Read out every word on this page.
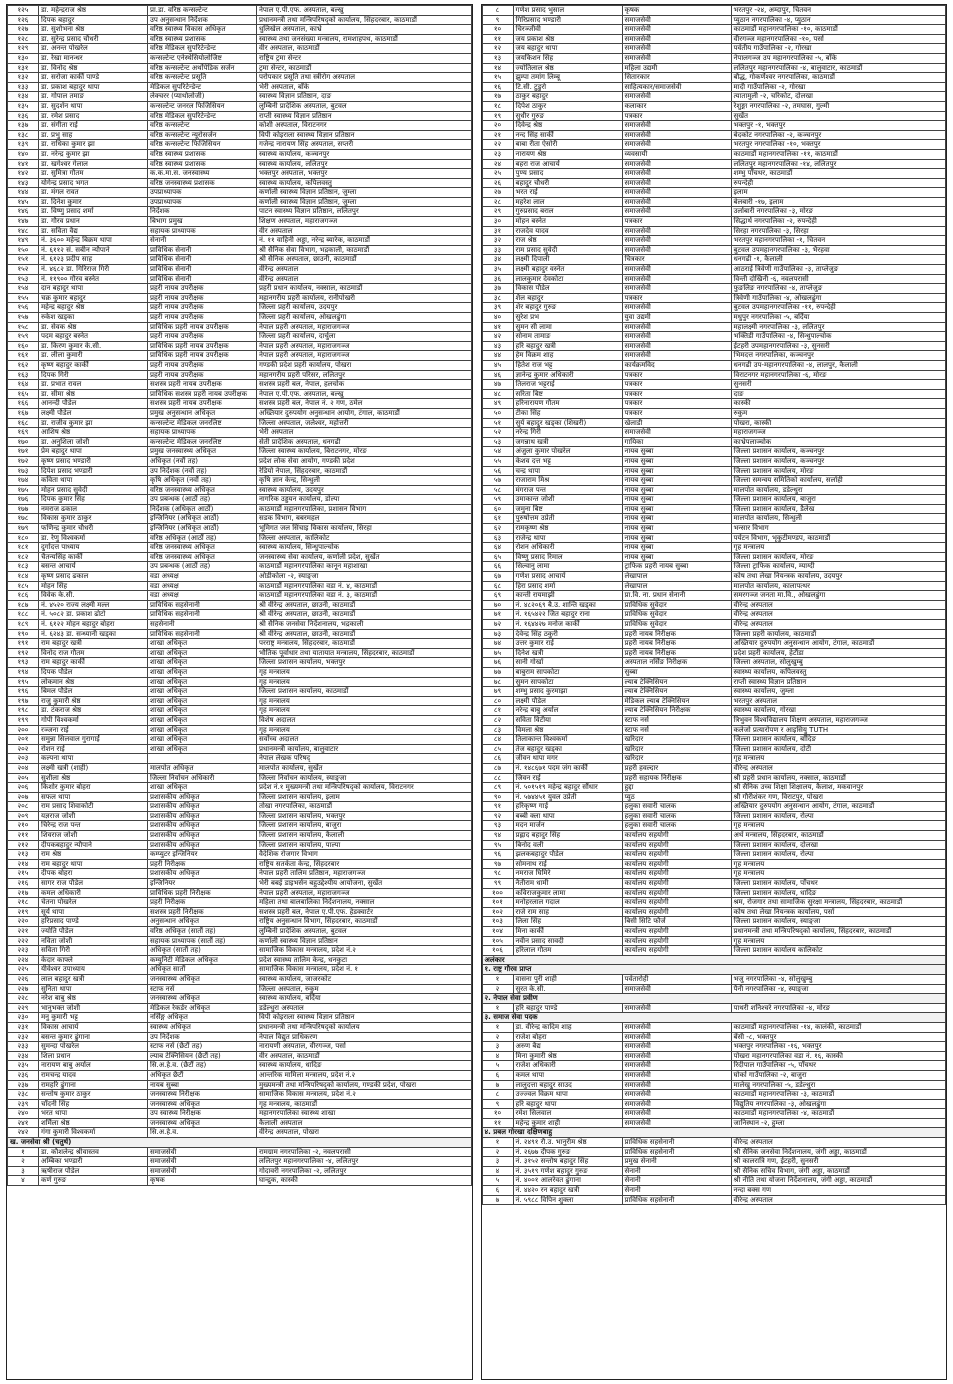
१२५	डा. महेन्द्रराज श्रेष्ठ	प्रा.डा. वरिष्ठ कन्सल्टेन्ट	नेपाल ए.पी.एफ. अस्पताल, बल्खु
१२६	दिपक बहादुर	उप अनुसन्धान निर्देशक	प्रधानमन्त्री तथा मन्त्रिपरिषद्को कार्यालय, सिंहदरबार, काठमाडौं
१२७	डा. सुशोभना श्रेष्ठ	वरिष्ठ स्वास्थ्य विकास अधिकृत	धुलिखेल अस्पताल, काभ्रे
१२८	डा. सुरेन्द्र प्रसाद चौधरी	वरिष्ठ स्वास्थ्य प्रशासक	स्वास्थ्य तथा जनसंख्या मन्त्रालय, रामशाहपथ, काठमाडौं
१२९	डा. अनन्त पोखरेल	वरिष्ठ मेडिकल सुपरिटेन्डेन्ट	वीर अस्पताल, काठमाडौं
१३०	डा. रेखा मानन्धर	कन्सल्टेन्ट एनेस्थेसियोलोजिष्ट	राष्ट्रिय ट्रमा सेन्टर
१३१	डा. विनोद श्रेष्ठ	वरिष्ठ कन्सल्टेन्ट अर्थोपेडिक सर्जन	ट्रमा सेन्टर, काठमाडौं
१३२	डा. सरोजा कार्की पाण्डे	वरिष्ठ कन्सल्टेन्ट प्रसूति	परोपकार प्रसूति तथा स्त्रीरोग अस्पताल
१३३	डा. प्रकाश बहादुर थापा	मेडिकल सुपरिटेन्डेन्ट	भेरी अस्पताल, बाँके
१३४	डा. गोपाल तमाङ	लेक्चरर (प्याथोलोजी)	स्वास्थ्य विज्ञान प्रतिष्ठान, दाङ
१३५	डा. सुदर्शन थापा	कन्सल्टेन्ट जनरल फिजिसियन	लुम्बिनी प्रादेशिक अस्पताल, बुटवल
१३६	डा. रमेश प्रसाद	वरिष्ठ मेडिकल सुपरिटेन्डेन्ट	राप्ती स्वास्थ्य विज्ञान प्रतिष्ठान
१३७	डा. संगीता राई	वरिष्ठ कन्सल्टेन्ट	कोशी अस्पताल, विराटनगर
१३८	डा. प्रभु साह	वरिष्ठ कन्सल्टेन्ट न्यूरोसर्जन	विपी कोइराला स्वास्थ्य विज्ञान प्रतिष्ठान
१३९	डा. राधिका कुमार झा	वरिष्ठ कन्सल्टेन्ट फिजिसियन	गजेन्द्र नारायण सिंह अस्पताल, सप्तरी
१४०	डा. नरेन्द्र कुमार झा	वरिष्ठ स्वास्थ्य प्रशासक	स्वास्थ्य कार्यालय, कञ्चनपुर
१४१	डा. खगेश्वर गेलाल	वरिष्ठ स्वास्थ्य प्रशासक	स्वास्थ्य कार्यालय, ललितपुर
१४२	डा. सुमित्रा गौतम	क.क.मा.स. जनस्वास्थ्य	भक्तपुर अस्पताल, भक्तपुर
१४३	योगेन्द्र प्रसाद भगत	वरिष्ठ जनस्वास्थ्य प्रशासक	स्वास्थ्य कार्यालय, कपिलवस्तु
१४४	डा. मंगल रावत	उपप्राध्यापक	कर्णाली स्वास्थ्य विज्ञान प्रतिष्ठान, जुम्ला
१४५	डा. दिनेश कुमार	उपप्राध्यापक	कर्णाली स्वास्थ्य विज्ञान प्रतिष्ठान, जुम्ला
१४६	डा. विष्णु प्रसाद शर्मा	निर्देशक	पाटन स्वास्थ्य विज्ञान प्रतिष्ठान, ललितपुर
१४७	डा. गौरव प्रधान	बिभाग प्रमुख	शिक्षण अस्पताल, महाराजगञ्ज
१४८	डा. सविता वैद्य	सहायक प्राध्यापक	वीर अस्पताल
१४९	नं. ३६०० महेन्द्र बिक्रम थापा	सेनानी	नं. ११ वाहिनी अड्डा, नरेन्द्र ब्यारेक, काठमाडौं
१५०	नं. ६११२ सं. सबीन न्यौपाने	प्राविधिक सेनानी	श्री सैनिक सेवा विभाग, भद्रकाली, काठमाडौं
१५१	नं. ६१२३ प्रदीप साह	प्राविधिक सेनानी	श्री सैनिक अस्पताल, छाउनी, काठमाडौं
१५२	नं. ४६८२ डा. गिरिराज गिरी	प्राविधिक सेनानी	वीरेन्द्र अस्पताल
१५३	नं. ११९०० गौरव बस्नेत	प्राविधिक सेनानी	वीरेन्द्र अस्पताल
१५४	दान बहादुर थापा	प्रहरी नायब उपरीक्षक	प्रहरी प्रधान कार्यालय, नक्साल, काठमाडौं
१५५	चक्र कुमार बहादुर	प्रहरी नायब उपरीक्षक	महानगरीय प्रहरी कार्यालय, रानीपोखरी
१५६	महेन्द्र बहादुर श्रेष्ठ	प्रहरी नायब उपरीक्षक	जिल्ला प्रहरी कार्यालय, उदयपुर
१५७	रुकेश खड्का	प्रहरी नायब उपरीक्षक	जिल्ला प्रहरी कार्यालय, ओखलढुंगा
१५८	डा. सेवक श्रेष्ठ	प्राविधिक प्रहरी नायब उपरीक्षक	नेपाल प्रहरी अस्पताल, महाराजगञ्ज
१५९	पदम बहादुर बस्नेत	प्रहरी नायब उपरीक्षक	जिल्ला प्रहरी कार्यालय, दार्चुला
१६०	डा. किरण कुमार के.सी.	प्राविधिक प्रहरी नायब उपरीक्षक	नेपाल प्रहरी अस्पताल, महाराजगञ्ज
१६१	डा. लीला कुमारी	प्राविधिक प्रहरी नायब उपरीक्षक	नेपाल प्रहरी अस्पताल, महाराजगञ्ज
१६२	कृष्ण बहादुर कार्की	प्रहरी नायब उपरीक्षक	गण्डकी प्रदेश प्रहरी कार्यालय, पोखरा
१६३	दिपक गिरी	प्रहरी नायब उपरीक्षक	महानगरीय प्रहरी परिसर, ललितपुर
१६४	डा. प्रभात रावल	सशस्त्र प्रहरी नायब उपरीक्षक	सशस्त्र प्रहरी बल, नेपाल, हलचोक
१६५	डा. सीमा श्रेष्ठ	प्राविधिक सशस्त्र प्रहरी नायब उपरीक्षक	नेपाल ए.पी.एफ. अस्पताल, बल्खु
१६६	आनन्दी पौडेल	सशस्त्र प्रहरी नायब उपरीक्षक	सशस्त्र प्रहरी बल, नेपाल नं. २ गण, ठमेल
१६७	लक्ष्मी पौडेल	प्रमुख अनुसन्धान अधिकृत	अख्तियार दुरुपयोग अनुसन्धान आयोग, टंगाल, काठमाडौं
१६८	डा. राजीव कुमार झा	कन्सल्टेन्ट मेडिकल जनरलिष्ट	जिल्ला अस्पताल, जलेश्वर, महोत्तरी
१६९	आशिष श्रेष्ठ	सहायक प्राध्यापक	भेरी अस्पताल
१७०	डा. अनुशिला जोशी	कन्सल्टेन्ट मेडिकल जनरलिष्ट	सेती प्रादेशिक अस्पताल, धनगढी
१७१	प्रेम बहादुर थापा	प्रमुख जनस्वास्थ्य अधिकृत	जिल्ला स्वास्थ्य कार्यालय, बिराटनगर, मोरङ
१७२	कृष्ण प्रसाद भण्डारी	अधिकृत (नवौं तह)	प्रदेश लोक सेवा आयोग, गण्डकी प्रदेश
१७३	दिपेश प्रसाद भण्डारी	उप निर्देशक (नवौं तह)	रेडियो नेपाल, सिंहदरबार, काठमाडौं
१७४	कविता थापा	कृषि अधिकृत (नवौं तह)	कृषि ज्ञान केन्द्र, सिन्धुली
१७५	मोहन प्रसाद सुवेदी	वरिष्ठ जनस्वास्थ्य अधिकृत	स्वास्थ्य कार्यालय, उदयपुर
१७६	दिपक कुमार सिंह	उप प्रबन्धक (आठौं तह)	नागरिक उड्डयन कार्यालय, डोल्पा
१७७	नमराज ढकाल	निर्देशक (अधिकृत आठौं)	काठमाडौं महानगरपालिका, प्रशासन विभाग
१७८	विकास कुमार ठाकुर	इन्जिनियर (अधिकृत आठौं)	सडक विभाग, बबरमहल
१७९	फणिन्द्र कुमार चौधरी	इन्जिनियर (अधिकृत आठौं)	भूमिगत जल सिंचाइ विकास कार्यालय, सिरहा
१८०	डा. रेणु विश्वकर्मा	वरिष्ठ अधिकृत (आठौं तह)	जिल्ला अस्पताल, कालिकोट
१८१	दुर्गादत्त पाध्याय	वरिष्ठ जनस्वास्थ्य अधिकृत	स्वास्थ्य कार्यालय, सिन्धुपाल्चोक
१८२	चैतन्यसिंह कार्की	वरिष्ठ जनस्वास्थ्य अधिकृत	जनस्वास्थ्य सेवा कार्यालय, कर्णाली प्रदेश, सुर्खेत
१८३	बसन्त आचार्य	उप प्रबन्धक (आठौं तह)	काठमाडौं महानगरपालिका कानून महाशाखा
१८४	कृष्ण प्रसाद ढकाल	वडा अध्यक्ष	ओडीकोला -२, स्याङ्जा
१८५	मोहन सिंह	वडा अध्यक्ष	काठमाडौं महानगरपालिका वडा नं. ४, काठमाडौं
१८६	विवेक के.सी.	वडा अध्यक्ष	काठमाडौं महानगरपालिका वडा नं. ३, काठमाडौं
१८७	नं. ४५२० राज्य लक्ष्मी मल्ल	प्राविधिक सहसेनानी	श्री वीरेन्द्र अस्पताल, छाउनी, काठमाडौं
१८८	नं. ५०८२ डा. प्रकाश ढोटो	प्राविधिक सहसेनानी	श्री वीरेन्द्र अस्पताल, छाउनी, काठमाडौं
१८९	नं. ६१२२ मोहन बहादुर बोहरा	सहसेनानी	श्री सैनिक जनसेवा निर्देशनालय, भद्रकाली
१९०	नं. ६२४३ डा. सन्ध्यानी खड्का	प्राविधिक सहसेनानी	श्री वीरेन्द्र अस्पताल, छाउनी, काठमाडौं
१९१	राम बहादुर खत्री	शाखा अधिकृत	परराष्ट्र मन्त्रालय, सिंहदरबार, काठमाडौं
१९२	विनोद राज गौतम	शाखा अधिकृत	भौतिक पूर्वाधार तथा यातायात मन्त्रालय, सिंहदरबार, काठमाडौं
१९३	राम बहादुर कार्की	शाखा अधिकृत	जिल्ला प्रशासन कार्यालय, भक्तपुर
१९४	दिपक पौडेल	शाखा अधिकृत	गृह मन्त्रालय
१९५	लोकमान श्रेष्ठ	शाखा अधिकृत	गृह मन्त्रालय
१९६	बिमल पौडेल	शाखा अधिकृत	जिल्ला प्रशासन कार्यालय, काठमाडौं
१९७	राजु कुमारी श्रेष्ठ	शाखा अधिकृत	गृह मन्त्रालय
१९८	डा. टंकराज श्रेष्ठ	शाखा अधिकृत	गृह मन्त्रालय
१९९	गोपी विश्वकर्मा	शाखा अधिकृत	विशेष अदालत
२००	रञ्जना राई	शाखा अधिकृत	गृह मन्त्रालय
२०१	समुन्ना सिलवाल गुरागाईं	शाखा अधिकृत	सर्वोच्च अदालत
२०२	रोशन राई	शाखा अधिकृत	प्रधानमन्त्री कार्यालय, बालुवाटार
२०३	कल्पना थापा		नेपाल लेखक परिषद्
२०४	लक्ष्मी खत्री (शाही)	मालपोत अधिकृत	मालपोत कार्यालय, सुर्खेत
२०५	सुशीला श्रेष्ठ	जिल्ला निर्वाचन अधिकारी	जिल्ला निर्वाचन कार्यालय, स्याङ्जा
२०६	किशोर कुमार बोहरा	शाखा अधिकृत	प्रदेश नं.१ मुख्यमन्त्री तथा मन्त्रिपरिषद्को कार्यालय, विराटनगर
२०७	सफल थापा	प्रशासकीय अधिकृत	जिल्ला प्रशासन कार्यालय, इलाम
२०८	राम प्रसाद शिवाकोटी	प्रशासकीय अधिकृत	तोखा नगरपालिका, काठमाडौं
२०९	यज्ञराज जोशी	प्रशासकीय अधिकृत	जिल्ला प्रशासन कार्यालय, भक्तपुर
२१०	चिरेन्द्र राज पन्त	प्रशासकीय अधिकृत	जिल्ला प्रशासन कार्यालय, बाजुरा
२११	शिवराज जोशी	प्रशासकीय अधिकृत	जिल्ला प्रशासन कार्यालय, कैलाली
२१२	दीपकबहादुर न्यौपाने	प्रशासकीय अधिकृत	जिल्ला प्रशासन कार्यालय, पाल्पा
२१३	राम श्रेष्ठ	कम्प्युटर इन्जिनियर	वैदेशिक रोजगार विभाग
२१४	राम बहादुर थापा	प्रहरी निरीक्षक	राष्ट्रिय सतर्कता केन्द्र, सिंहदरबार
२१५	दीपक बोहरा	प्रशासकीय अधिकृत	नेपाल प्रहरी तालिम प्रतिष्ठान, महाराजगञ्ज
२१६	सागर राज पौडेल	इन्जिनियर	भेरी बबई डाइभर्सन बहुउद्देश्यीय आयोजना, सुर्खेत
२१७	कमल अधिकारी	प्राविधिक प्रहरी निरीक्षक	नेपाल प्रहरी अस्पताल, महाराजगञ्ज
२१८	चेतना पोखरेल	प्रहरी निरीक्षक	महिला तथा बालबालिका निर्देशनालय, नक्साल
२१९	सूर्य थापा	सशस्त्र प्रहरी निरीक्षक	सशस्त्र प्रहरी बल, नेपाल ए.पी.एफ. हेडक्वार्टर
२२०	हरिप्रसाद पाण्डे	अनुसन्धान अधिकृत	राष्ट्रिय अनुसन्धान विभाग, सिंहदरबार, काठमाडौं
२२१	ज्योति पौडेल	वरिष्ठ अधिकृत (सातौं तह)	लुम्बिनी प्रादेशिक अस्पताल, बुटवल
२२२	नविता जोशी	सहायक प्राध्यापक (सातौं तह)	कर्णाली स्वास्थ्य विज्ञान प्रतिष्ठान
२२३	सविता गिरी	अधिकृत (सातौं तह)	सामाजिक विकास मन्त्रालय, प्रदेश नं.२
२२४	केदार काफ्ले	कम्युनिटी मेडिकल अधिकृत	प्रदेश स्वास्थ्य तालिम केन्द्र, धनकुटा
२२५	यीवेश्वर उपाध्याय	अधिकृत सातौं	सामाजिक विकास मन्त्रालय, प्रदेश नं. १
२२६	लाल बहादुर खत्री	जनस्वास्थ्य अधिकृत	स्वास्थ्य कार्यालय, जाजरकोट
२२७	सुनिता थापा	स्टाफ नर्स	जिल्ला अस्पताल, रुकुम
२२८	नरेश बाबु श्रेष्ठ	जनस्वास्थ्य अधिकृत	स्वास्थ्य कार्यालय, बर्दिया
२२९	भानुभक्त जोशी	मेडिकल रेकर्डर अधिकृत	डडेल्धुरा अस्पताल
२३०	मनु कुमारी भट्ट	नर्सिङ्ग अधिकृत	विपी कोइराला स्वास्थ्य विज्ञान प्रतिष्ठान
२३१	विकास आचार्य	स्वास्थ्य अधिकृत	प्रधानमन्त्री तथा मन्त्रिपरिषद्को कार्यालय
२३२	बसन्त कुमार ढुंगाना	उप निर्देशक	नेपाल विद्युत प्राधिकरण
२३३	सुमन्दा पोखरेल	स्टाफ नर्स (छैटौं तह)	नारायणी अस्पताल, वीरगञ्ज, पर्सा
२३४	शिला प्रधान	ल्याब टेक्निसियन (छैटौं तह)	वीर अस्पताल, काठमाडौं
२३५	नारायण बाबु अर्याल	सि.अ.हे.व. (छैटौं तह)	स्वास्थ्य कार्यालय, धादिङ
२३६	रामचन्द्र यादव	अधिकृत छैटौं	आन्तरिक मामिला मन्त्रालय, प्रदेश नं.२
२३७	रामहरि ढुंगाना	नायब सुब्बा	मुख्यमन्त्री तथा मन्त्रिपरिषद्को कार्यालय, गण्डकी प्रदेश, पोखरा
२३८	सन्तोष कुमार ठाकुर	जनस्वास्थ्य निरीक्षक	सामाजिक विकास मन्त्रालय, प्रदेश नं.२
२३९	चाँदनी सिंह	जनस्वास्थ्य अधिकृत	गृह मन्त्रालय, काठमाडौं
२४०	भरत थापा	उप स्वास्थ्य निरीक्षक	महानगरपालिका स्वास्थ्य शाखा
२४१	शर्मिला श्रेष्ठ	जनस्वास्थ्य अधिकृत	कैलाली अस्पताल
२४२	गंगा कुमारी विश्वकर्मा	सि.अ.हे.व.	वीरेन्द्र अस्पताल, पोखरा
ख. जनसेवा श्री (चतुर्थ)			
१	डा. कौशलेन्द्र श्रीवास्तव	समाजसेवी	रामग्राम नगरपालिका -२, नवलपरासी
२	अम्बिका भण्डारी	समाजसेवी	ललितपुर महानगरपालिका -४, ललितपुर
३	ऋषीराज पौडेल	समाजसेवी	गोदावरी नगरपालिका -२, ललितपुर
४	कर्ण गुरुङ	कृषक	घान्द्रुक, कास्की
८	गणेश प्रसाद भुसाल	कृषक	भरतपुर -२४, अम्दापुर, चितवन
९	गिरिप्रसाद भण्डारी	समाजसेवी	प्युठान नगरपालिका -४, प्युठान
१०	चिरञ्जीवी	समाजसेवी	काठमाडौं महानगरपालिका -१०, काठमाडौं
११	जय प्रकाश श्रेष्ठ	समाजसेवी	वीरगञ्ज महानगरपालिका -१०, पर्सा
१२	जय बहादुर थापा	समाजसेवी	पर्वतीय गाउँपालिका -२, गोरखा
१३	जयकिशन सिंह	समाजसेवी	नेपालगञ्ज उप महानगरपालिका -५, बाँके
१४	ज्योतिलाल श्रेष्ठ	महिला उद्यमी	ललितपुर महानगरपालिका -४, बालुवाटार, काठमाडौं
१५	झुम्पा तमांग लिम्बू	सितारकार	बौद्ध, गोकर्णेश्वर नगरपालिका, काठमाडौं
१६	टि.सी. टुडुरो	साहित्यकार/समाजसेवी	मादी गाउँपालिका -२, गोरखा
१७	ठाकुर बहादुर	समाजसेवी	त्यातामुली -२, चरिकोट, दोलखा
१८	दिपेश ठाकुर	कलाकार	रेशुङ्गा नगरपालिका -२, तमघास, गुल्मी
१९	सुधीर गुरुङ	पत्रकार	सुर्खेत
२०	दिवेन्द्र श्रेष्ठ	समाजसेवी	भक्तपुर -१, भक्तपुर
२१	नन्द सिंह सार्की	समाजसेवी	बेदकोट नगरपालिका -२, कञ्चनपुर
२२	बाबा रीता ऐसोरी	समाजसेवी	भरतपुर नगरपालिका -१०, भक्तपुर
२३	नारायण श्रेष्ठ	व्यवसायी	काठमाडौं महानगरपालिका -११, काठमाडौं
२४	बहरा राज आचार्य	समाजसेवी	ललितपुर महानगरपालिका -१४, ललितपुर
२५	पुण्य प्रसाद	समाजसेवी	शम्भु पाँचथर, काठमाडौं
२६	बहादुर चौधरी	समाजसेवी	रुपन्देही
२७	भरत राई	समाजसेवी	इलाम
२८	महरेश लाल	समाजसेवी	बेलबारी -१७, इलाम
२९	गुरुप्रसाद बराल	समाजसेवी	उर्लाबारी नगरपालिका -३, मोरङ
३०	मोहन बस्नेत	पत्रकार	सिद्धार्थ नगरपालिका -२, रुपन्देही
३१	राजदेव यादव	समाजसेवी	सिरहा नगरपालिका -३, सिरहा
३२	राज श्रेष्ठ	समाजसेवी	भरतपुर महानगरपालिका -१, चितवन
३३	राम प्रसाद सुवेदी	समाजसेवी	बुटवल उपमहानगरपालिका -३, भैरहवा
३४	लक्ष्मी दिपाली	चित्रकार	धनगढी -१, कैलाली
३५	लक्ष्मी बहादुर वस्नेत	समाजसेवी	आठराई त्रिवेणी गाउँपालिका -३, ताप्लेजुङ
३६	लालकुमार देवकोटा	समाजसेवी	विन्ती दोखिनी -६, नवलपरासी
३७	विकास पौडेल	समाजसेवी	फुङलिङ नगरपालिका -४, ताप्लेजुङ
३८	शैल बहादुर	पत्रकार	त्रिवेणी गाउँपालिका -४, ओखलढुंगा
३९	शेर बहादुर गुरुङ	समाजसेवी	बुटवल उपमहानगरपालिका -११, रुपन्देही
४०	सुरेश प्रभ	युवा उद्यमी	मधुपुर नगरपालिका -५, बर्दिया
४१	सुमन सी लामा	समाजसेवी	महालक्ष्मी नगरपालिका -३, ललितपुर
४२	सोनाम तामाङ	समाजसेवी	भक्तिडी गाउँपालिका -४, सिन्धुपाल्चोक
४३	हरि बहादुर खत्री	समाजसेवी	ईटहरी उपमहानगरपालिका -३, सुनसरी
४४	हेम विक्रम शाह	समाजसेवी	भिमदत्त नगरपालिका, कञ्चनपुर
४५	हितेश राज भट्ट	कार्यक्रमविद	धनगढी उप-महानगरपालिका -४, लालपुर, कैलाली
४६	ज्ञानेन्द्र कुमार अधिकारी	पत्रकार	विराटनगर महानगरपालिका -६, मोरङ
४७	तिलराज भट्टराई	पत्रकार	सुनसरी
४८	सरिता बिष्ट	पत्रकार	दाङ
४९	हरिनारायण गौतम	पत्रकार	कास्की
५०	टीका सिंह	पत्रकार	रुकुम
५१	सुर्य बहादुर खड्का (शिखरी)	खेलाडी	पोखरा, कास्की
५२	नरेन्द्र गिरी	समाजसेवी	महाराजगञ्ज
५३	जगन्नाथ खत्री	गायिका	काभ्रेपलाञ्चोक
५४	अंजुला कुमार पोखरेल	नायब सुब्बा	जिल्ला प्रशासन कार्यालय, कञ्चनपुर
५५	केशव दत्त भट्ट	नायब सुब्बा	जिल्ला प्रशासन कार्यालय, कञ्चनपुर
५६	चन्द्र थापा	नायब सुब्बा	जिल्ला प्रशासन कार्यालय, मोरङ
५७	राजाराम मिश्र	नायब सुब्बा	जिल्ला समन्वय समितिको कार्यालय, सर्लाही
५८	मंगराज पन्त	नायब सुब्बा	मालपोत कार्यालय, डडेल्धुरा
५९	उमाकान्त जोशी	नायब सुब्बा	जिल्ला प्रशासन कार्यालय, बाजुरा
६०	जमुना बिष्ट	नायब सुब्बा	जिल्ला प्रशासन कार्यालय, डैलेख
६१	पुरुषोत्तम उप्रेती	नायब सुब्बा	मालपोत कार्यालय, सिन्धुली
६२	रामकृष्ण श्रेष्ठ	नायब सुब्बा	भन्सार विभाग
६३	राजेन्द्र थापा	नायब सुब्बा	पर्यटन विभाग, भृकुटीमण्डप, काठमाडौं
६४	रोशन अधिकारी	नायब सुब्बा	गृह मन्त्रालय
६५	विष्णु प्रसाद रिमाल	नायब सुब्बा	जिल्ला प्रशासन कार्यालय, मोरङ
६६	सिल्वानु लामा	ट्राफिक प्रहरी नायब सुब्बा	जिल्ला ट्राफिक कार्यालय, म्याग्दी
६७	गणेश प्रसाद आचार्य	लेखापाल	कोष तथा लेखा नियन्त्रक कार्यालय, उदयपुर
६८	हिरा प्रसाद शर्मा	लेखापाल	मालपोत कार्यालय, कालापत्थर
६९	कान्ती रायमाझी	प्रा.वि. ना. प्रधान सेनानी	समरगञ्ज जनता मा.वि., ओखलढुंगा
७०	नं. ४८२०६९ बै.उ. शान्ति खड्का	प्राविधिक सुवेदार	वीरेन्द्र अस्पताल
७१	नं. १६५४२२ जित बहादुर राना	प्राविधिक सुवेदार	वीरेन्द्र अस्पताल
७२	नं. १६४४२७ मनोज कार्की	प्राविधिक सुवेदार	वीरेन्द्र अस्पताल
७३	देवेन्द्र सिंह ठकुरी	प्रहरी नायब निरीक्षक	जिल्ला प्रहरी कार्यालय, काठमाडौं
७४	उत्तर कुमार राई	प्रहरी नायब निरीक्षक	अख्तियार दुरुपयोग अनुसन्धान आयोग, टंगाल, काठमाडौं
७५	दिनेश खत्री	प्रहरी नायब निरीक्षक	प्रदेश प्रहरी कार्यालय, हेटौंडा
७६	सानी गोर्खा	अस्पताल नर्सिङ निरीक्षक	जिल्ला अस्पताल, सोलुखुम्बु
७७	बाबुराम सापकोटा	सुब्बा	स्वास्थ्य कार्यालय, कपिलवस्तु
७८	सुमन सापकोटा	ल्याब टेक्निसियन	राप्ती स्वास्थ्य विज्ञान प्रतिष्ठान
७९	शम्भु प्रसाद कुरमाझा	ल्याब टेक्निसियन	स्वास्थ्य कार्यालय, जुम्ला
८०	लक्ष्मी पौडेल	मेडिकल ल्याब टेक्निसियन	भरतपुर अस्पताल
८१	नरेन्द्र बाबु अर्याल	ल्याब टेक्निसियन निरीक्षक	स्वास्थ्य कार्यालय, गोरखा
८२	सविता विटीया	स्टाफ नर्स	त्रिभुवन विश्वविद्यालय शिक्षण अस्पताल, महाराजगञ्ज
८३	विमला श्रेष्ठ	स्टाफ नर्स	कलेजो प्रत्यारोपण र आइसियु TUTH
८४	तिलाकान्त विश्वकर्मा	खरिदार	जिल्ला प्रशासन कार्यालय, बाँदिङ
८५	तेज बहादुर खड्का	खरिदार	जिल्ला प्रशासन कार्यालय, दोटी
८६	जीवन थापा मगर	खरिदार	गृह मन्त्रालय
८७	नं. १४८६७१ पदम जंग कार्की	प्रहरी हवल्दार	वीरेन्द्र अस्पताल
८८	जिवन राई	प्रहरी सहायक निरीक्षक	श्री प्रहरी प्रधान कार्यालय, नक्साल, काठमाडौं
८९	नं. ५०१५१९ महेन्द्र बहादुर सौंधार	हुद्दा	श्री सैनिक उच्च शिक्षा शिक्षालय, कैलाश, मकवानपुर
९०	नं. ५७४४५१ युवल उप्रेती	प्युठ	श्री गौरीशंकर गण, विराटपुर, पोखरा
९१	हरिकृष्ण गाई	हलुका सवारी चालक	अख्तियार दुरुपयोग अनुसन्धान आयोग, टंगाल, काठमाडौं
९२	बब्बी क्ला थापा	हलुका सवारी चालक	जिल्ला प्रशासन कार्यालय, रोल्पा
९३	मदन मार्जन	हलुका सवारी चालक	गृह मन्त्रालय
९४	प्रह्लाद बहादुर सिंह	कार्यालय सहयोगी	अर्थ मन्त्रालय, सिंहदरबार, काठमाडौं
९५	बिनोद वली	कार्यालय सहयोगी	जिल्ला प्रशासन कार्यालय, दोलखा
९६	झलकबहादुर पौडेल	कार्यालय सहयोगी	जिल्ला प्रशासन कार्यालय, रोल्पा
९७	सोमनाथ राई	कार्यालय सहयोगी	गृह मन्त्रालय
९८	नमराज घिमिरे	कार्यालय सहयोगी	गृह मन्त्रालय
९९	नैतीराम धामी	कार्यालय सहयोगी	जिल्ला प्रशासन कार्यालय, पाँचथर
१००	कविराजकुमार लामा	कार्यालय सहयोगी	जिल्ला प्रशासन कार्यालय, धादिङ
१०१	मनोहरलाल गदाल	कार्यालय सहयोगी	श्रम, रोजगार तथा सामाजिक सुरक्षा मन्त्रालय, सिंहदरबार, काठमाडौं
१०२	राजे राम साह	कार्यालय सहयोगी	कोष तथा लेखा नियन्त्रक कार्यालय, पर्सा
१०३	लिला सिंह	बिसी सिटि फौर्ज	जिल्ला प्रशासन कार्यालय, स्याङ्जा
१०४	मिना कार्की	कार्यालय सहयोगी	प्रधानमन्त्री तथा मन्त्रिपरिषद्को कार्यालय, सिंहदरबार, काठमाडौं
१०५	नवीन प्रसाद सावदी	कार्यालय सहयोगी	गृह मन्त्रालय
१०६	हरिलाल गौतम	कार्यालय सहयोगी	जिल्ला प्रशासन कार्यालय कालिकोट
अलंकार			
१. राष्ट्र गौरव प्राप्त			
१	वासना पुरी शाही	पर्वतारोही	भजु नगरपालिका -४, सोलुखुम्बु
२	सुरत के.सी.	समाजसेवी	पैनी नगरपालिका -४, स्याङ्जा
२. नेपाल सेवा प्रवीण			
१	हरि बहादुर पाण्डे	समाजसेवी	पाथरी शनिश्चरे नगरपालिका -४, मोरङ
३. समाज सेवा पदक			
१	डा. वीरेन्द्र कादिम शाह	समाजसेवी	काठमाडौं महानगरपालिका -१४, कालंकी, काठमाडौं
२	राजेश बोहरा	समाजसेवी	बेंसी -८, भक्तपुर
३	अरुण बैद्य	समाजसेवी	भक्तपुर नगरपालिका -१६, भक्तपुर
४	मिना कुमारी श्रेष्ठ	समाजसेवी	पोखरा महानगरपालिका वडा नं. १६, कास्की
५	राजेश अधिकारी	समाजसेवी	रिदीपाल गाउँपालिका -५, पाँचथर
६	कमल थापा	समाजसेवी	घोर्का गाउँपालिका -२, बाजुरा
७	लालुदत्ता बहादुर साउद	समाजसेवी	मालेखु नगरपालिका -५, डडेल्धुरा
८	उज्ज्वल विक्रम थापा	समाजसेवी	काठमाडौं महानगरपालिका -३, काठमाडौं
९	हरि बहादुर थापा	समाजसेवी	विद्युतिय नगरपालिका -३, ओखलढुंगा
१०	रमेश सिलवाल	समाजसेवी	काठमाडौं महानगरपालिका -४, काठमाडौं
११	महेन्द्र कुमार शाही	समाजसेवी	जानिस्थान -२, हुम्ला
४. प्रबल गोरखा दक्षिणबाहु			
१	नं. २४९१ रौ.उ. भानुरीम श्रेष्ठ	प्राविधिक सहसेनानी	वीरेन्द्र अस्पताल
२	नं. २६७७ दीपक गुरुङ	प्राविधिक सहसेनानी	श्री सैनिक जनसेवा निर्देशनालय, जंगी अड्डा, काठमाडौं
३	नं. ३१५२ सन्तोष बहादुर सिंह	प्रमुख सेनानी	श्री कालरात्रि गण, ईटहरी, सुनसरी
४	नं. ३५१९ गणेश बहादुर गुरुङ	सेनानी	श्री सैनिक सचिव विभाग, जंगी अड्डा, काठमाडौं
५	नं. ४००१ आलरेवत ढुंगाना	सेनानी	श्री नीति तथा योजना निर्देशनालय, जंगी अड्डा, काठमाडौं
६	नं. ४४२० रन बहादुर खत्री	सेनानी	नन्दा बक्स गण
७	नं. ५९८८ विपिन शुक्ला	प्राविधिक सहसेनानी	वीरेन्द्र अस्पताल
